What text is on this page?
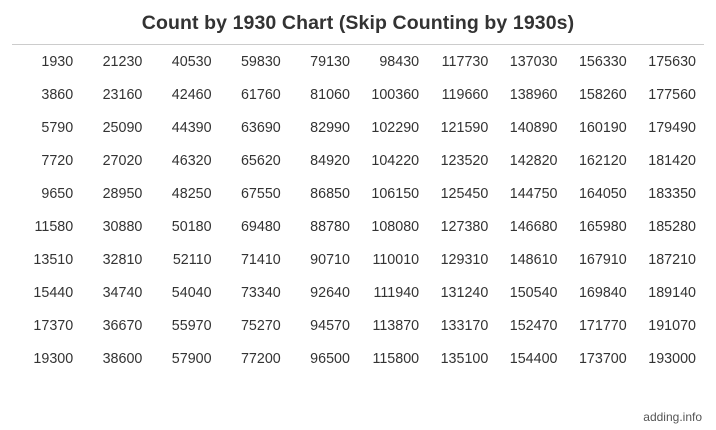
Count by 1930 Chart (Skip Counting by 1930s)
1930	21230	40530	59830	79130	98430	117730	137030	156330	175630
3860	23160	42460	61760	81060	100360	119660	138960	158260	177560
5790	25090	44390	63690	82990	102290	121590	140890	160190	179490
7720	27020	46320	65620	84920	104220	123520	142820	162120	181420
9650	28950	48250	67550	86850	106150	125450	144750	164050	183350
11580	30880	50180	69480	88780	108080	127380	146680	165980	185280
13510	32810	52110	71410	90710	110010	129310	148610	167910	187210
15440	34740	54040	73340	92640	111940	131240	150540	169840	189140
17370	36670	55970	75270	94570	113870	133170	152470	171770	191070
19300	38600	57900	77200	96500	115800	135100	154400	173700	193000
adding.info
